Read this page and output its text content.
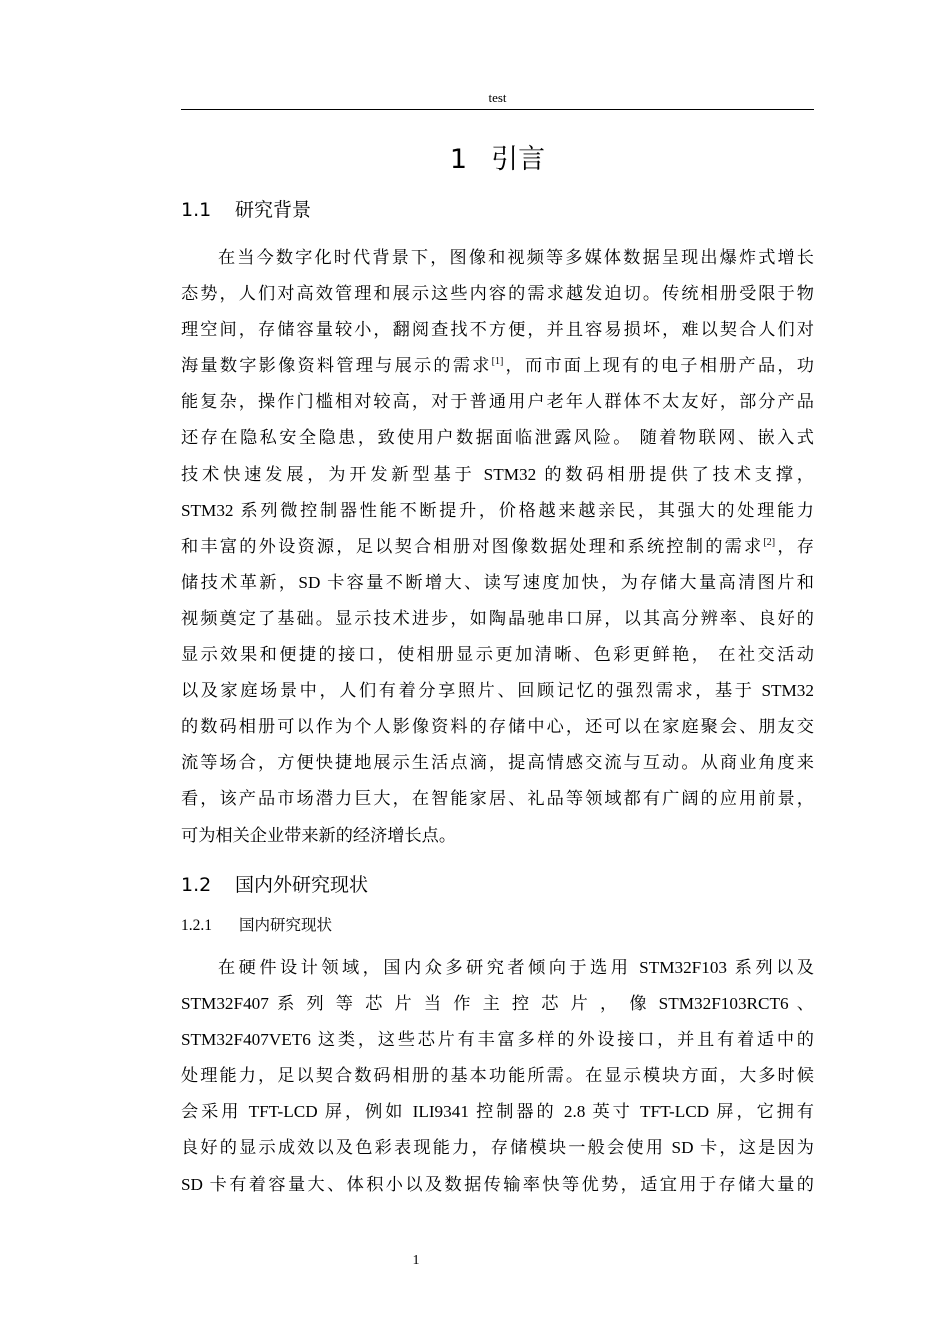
test
1 引言
1.1 研究背景
在当今数字化时代背景下，图像和视频等多媒体数据呈现出爆炸式增长
态势，人们对高效管理和展示这些内容的需求越发迫切。传统相册受限于物
理空间，存储容量较小，翻阅查找不方便，并且容易损坏，难以契合人们对
海量数字影像资料管理与展示的需求[1]，而市面上现有的电子相册产品，功
能复杂，操作门槛相对较高，对于普通用户老年人群体不太友好，部分产品
还存在隐私安全隐患，致使用户数据面临泄露风险。 随着物联网、嵌入式
技术快速发展，为开发新型基于 STM32 的数码相册提供了技术支撑，
STM32 系列微控制器性能不断提升，价格越来越亲民，其强大的处理能力
和丰富的外设资源，足以契合相册对图像数据处理和系统控制的需求[2]，存
储技术革新，SD 卡容量不断增大、读写速度加快，为存储大量高清图片和
视频奠定了基础。显示技术进步，如陶晶驰串口屏，以其高分辨率、良好的
显示效果和便捷的接口，使相册显示更加清晰、色彩更鲜艳， 在社交活动
以及家庭场景中，人们有着分享照片、回顾记忆的强烈需求，基于 STM32
的数码相册可以作为个人影像资料的存储中心，还可以在家庭聚会、朋友交
流等场合，方便快捷地展示生活点滴，提高情感交流与互动。从商业角度来
看，该产品市场潜力巨大，在智能家居、礼品等领域都有广阔的应用前景，
可为相关企业带来新的经济增长点。
1.2 国内外研究现状
1.2.1 国内研究现状
在硬件设计领域，国内众多研究者倾向于选用 STM32F103 系列以及
STM32F407 系 列 等 芯 片 当 作 主 控 芯 片 ， 像 STM32F103RCT6 、
STM32F407VET6 这类，这些芯片有丰富多样的外设接口，并且有着适中的
处理能力，足以契合数码相册的基本功能所需。在显示模块方面，大多时候
会采用 TFT-LCD 屏，例如 ILI9341 控制器的 2.8 英寸 TFT-LCD 屏，它拥有
良好的显示成效以及色彩表现能力，存储模块一般会使用 SD 卡，这是因为
SD 卡有着容量大、体积小以及数据传输率快等优势，适宜用于存储大量的
1
